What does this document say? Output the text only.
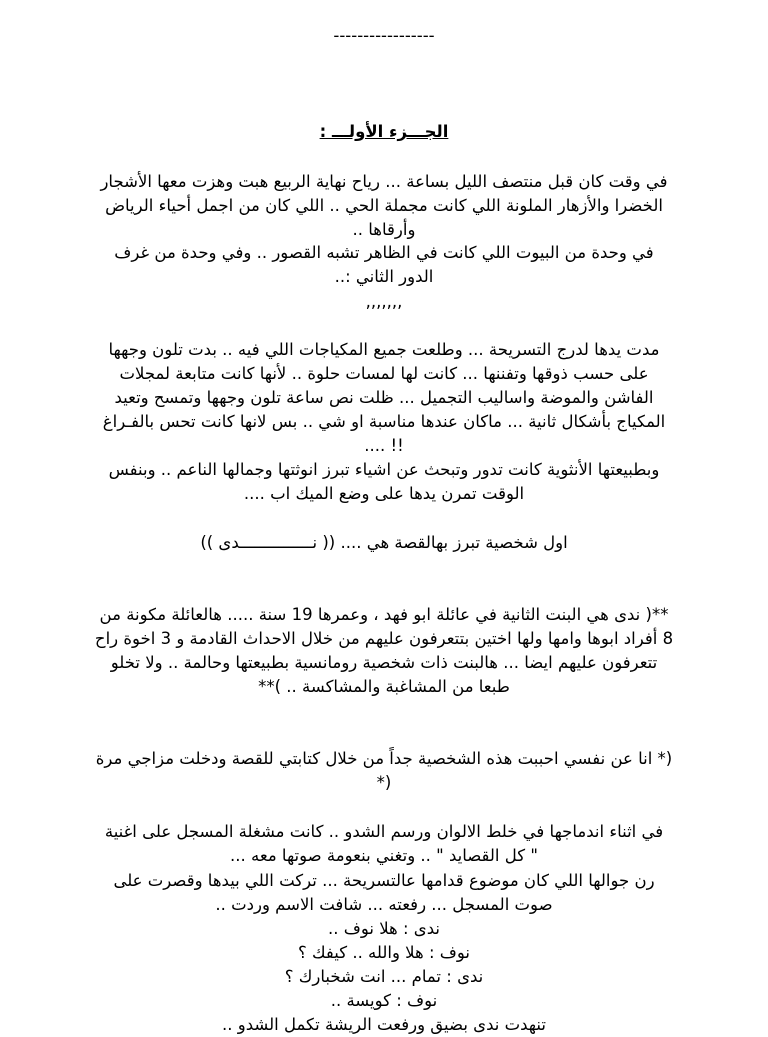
-----------------

الجـــزء الأولـــ :

في وقت كان قبل منتصف الليل بساعة ... رياح نهاية الربيع هبت وهزت معها الأشجار
الخضرا والأزهار الملونة اللي كانت مجملة الحي .. اللي كان من اجمل أحياء الرياض
وأرقاها ..

في وحدة من البيوت اللي كانت في الظاهر تشبه القصور .. وفي وحدة من غرف
الدور الثاني :..

,,,,,,,

مدت يدها لدرج التسريحة ... وطلعت جميع المكياجات اللي فيه .. بدت تلون وجهها
على حسب ذوقها وتفننها ... كانت لها لمسات حلوة .. لأنها كانت متابعة لمجلات
الفاشن والموضة واساليب التجميل ... ظلت نص ساعة تلون وجهها وتمسح وتعيد
المكياج بأشكال ثانية ... ماكان عندها مناسبة او شي .. بس لانها كانت تحس بالفـراغ
.... !!

وبطبيعتها الأنثوية كانت تدور وتبحث عن اشياء تبرز انوثتها وجمالها الناعم .. وبنفس
الوقت تمرن يدها على وضع الميك اب ....

اول شخصية تبرز بهالقصة هي .... (( نـــــــــــــــدى ))

**( ندى هي البنت الثانية في عائلة ابو فهد ، وعمرها 19 سنة ..... هالعائلة مكونة من
8 أفراد ابوها وامها ولها اختين بتتعرفون عليهم من خلال الاحداث القادمة و 3 اخوة راح
تتعرفون عليهم ايضا ... هالبنت ذات شخصية رومانسية بطبيعتها وحالمة .. ولا تخلو
طبعا من المشاغبة والمشاكسة .. )**

(* انا عن نفسي احببت هذه الشخصية جداً من خلال كتابتي للقصة ودخلت مزاجي مرة
*)

في اثناء اندماجها في خلط الالوان ورسم الشدو .. كانت مشغلة المسجل على اغنية
" كل القصايد " .. وتغني بنعومة صوتها معه ...

رن جوالها اللي كان موضوع قدامها عالتسريحة ... تركت اللي بيدها وقصرت على
صوت المسجل ... رفعته ... شافت الاسم وردت ..

ندى : هلا نوف ..

نوف : هلا والله .. كيفك ؟

ندى : تمام ... انت شخبارك ؟

نوف : كويسة ..

تنهدت ندى بضيق ورفعت الريشة تكمل الشدو ..
